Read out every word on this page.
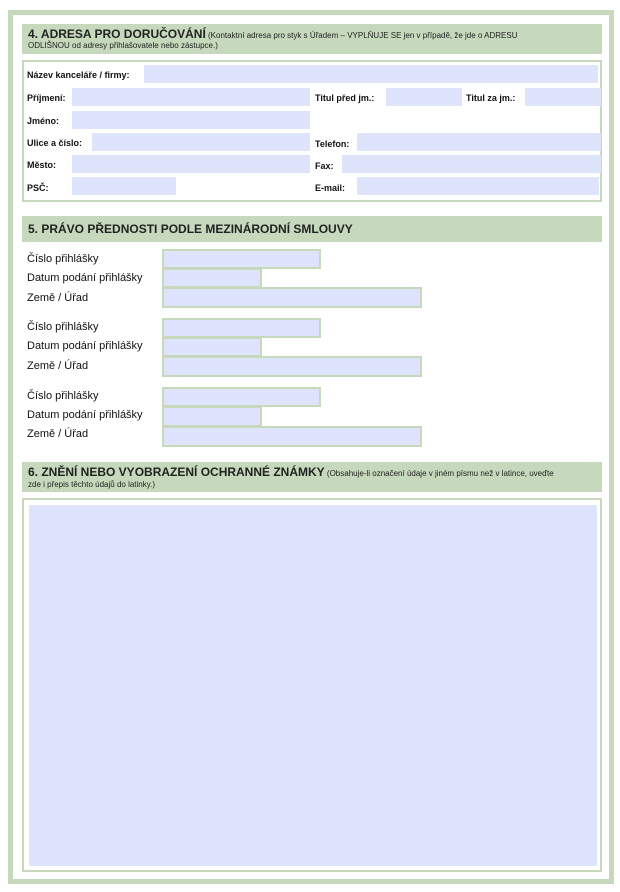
4. ADRESA PRO DORUČOVÁNÍ (Kontaktní adresa pro styk s Úřadem – VYPLŇUJE SE jen v případě, že jde o ADRESU
ODLIŠNOU od adresy přihlašovatele nebo zástupce.)
Název kanceláře / firmy:
Příjmení:	Titul před jm.:	Titul za jm.:
Jméno:
Ulice a číslo:	Telefon:
Město:	Fax:
PSČ:	E-mail:
5. PRÁVO PŘEDNOSTI PODLE MEZINÁRODNÍ SMLOUVY
Číslo přihlášky
Datum podání přihlášky
Země / Úřad
Číslo přihlášky
Datum podání přihlášky
Země / Úřad
Číslo přihlášky
Datum podání přihlášky
Země / Úřad
6. ZNĚNÍ NEBO VYOBRAZENÍ OCHRANNÉ ZNÁMKY (Obsahuje-li označení údaje v jiném písmu než v latince, uveďte
zde i přepis těchto údajů do latinky.)
